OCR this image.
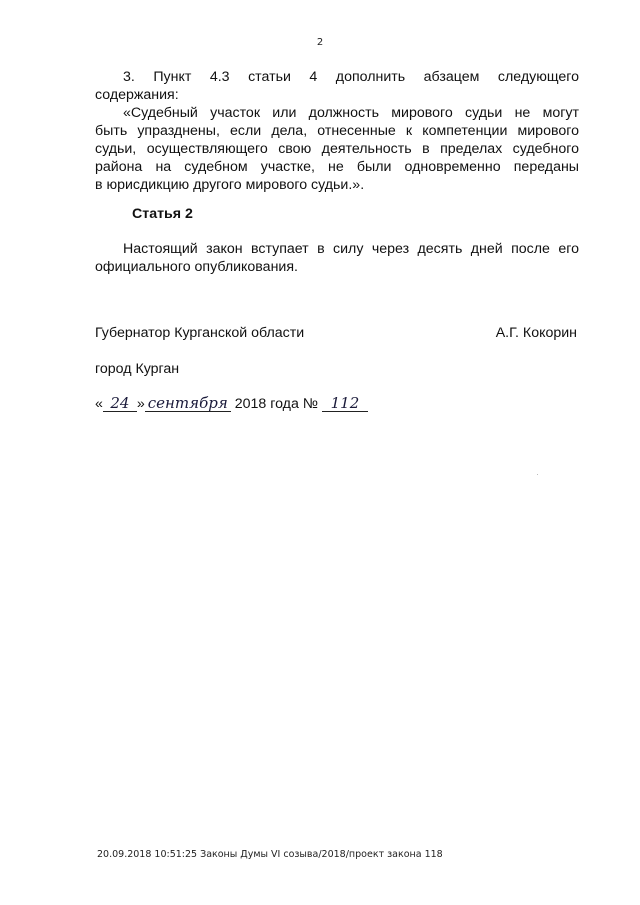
2
3. Пункт 4.3 статьи 4 дополнить абзацем следующего
содержания:
«Судебный участок или должность мирового судьи не могут
быть упразднены, если дела, отнесенные к компетенции мирового
судьи, осуществляющего свою деятельность в пределах судебного
района на судебном участке, не были одновременно переданы
в юрисдикцию другого мирового судьи.».
Статья 2
Настоящий закон вступает в силу через десять дней после его
официального опубликования.
Губернатор Курганской области	А.Г. Кокорин
город Курган
« 24 » сентября 2018 года № 112
20.09.2018 10:51:25 Законы Думы VI созыва/2018/проект закона 118
